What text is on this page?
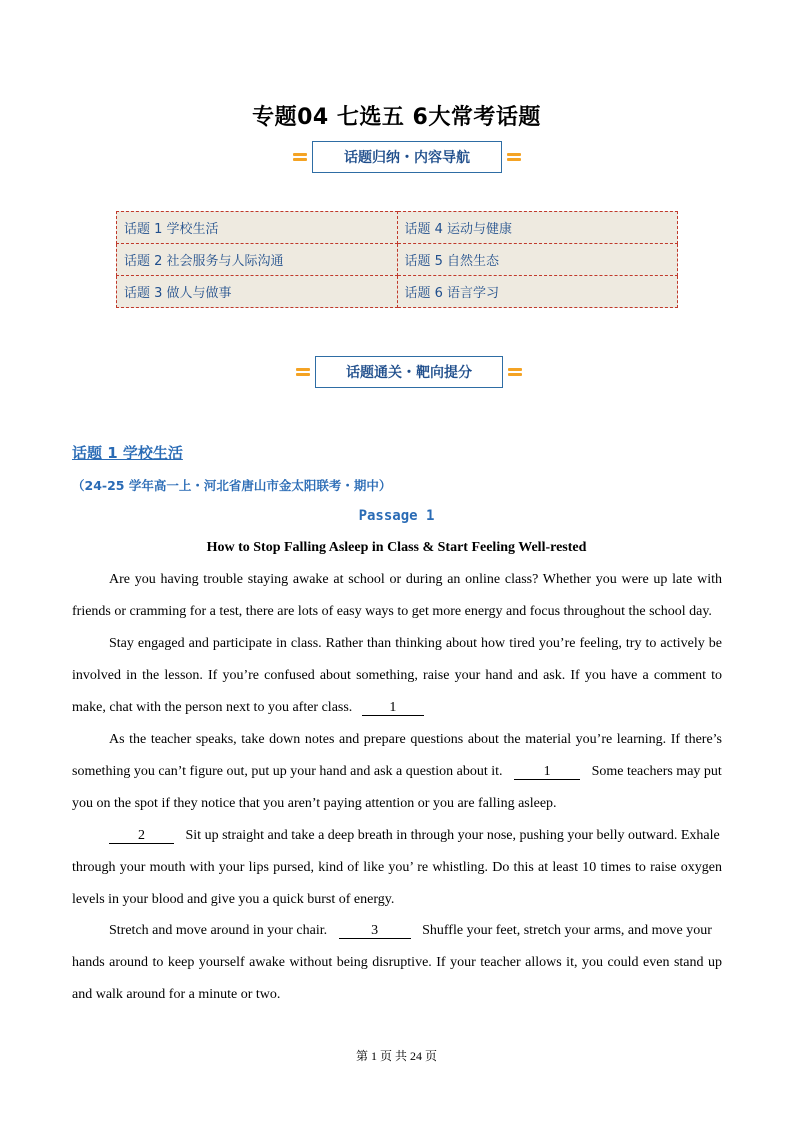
专题04 七选五 6大常考话题
话题归纳・内容导航
话题 1 学校生活	话题 4 运动与健康
话题 2 社会服务与人际沟通	话题 5 自然生态
话题 3 做人与做事	话题 6 语言学习
话题通关・靶向提分
话题 1 学校生活
（24-25 学年高一上・河北省唐山市金太阳联考・期中）
Passage 1
How to Stop Falling Asleep in Class & Start Feeling Well-rested
Are you having trouble staying awake at school or during an online class? Whether you were up late with
friends or cramming for a test, there are lots of easy ways to get more energy and focus throughout the school day.
Stay engaged and participate in class. Rather than thinking about how tired you’re feeling, try to actively be
involved in the lesson. If you’re confused about something, raise your hand and ask. If you have a comment to
make, chat with the person next to you after class.	1
As the teacher speaks, take down notes and prepare questions about the material you’re learning. If there’s
something you can’t figure out, put up your hand and ask a question about it.	1	Some teachers may put
you on the spot if they notice that you aren’t paying attention or you are falling asleep.
2	Sit up straight and take a deep breath in through your nose, pushing your belly outward. Exhale
through your mouth with your lips pursed, kind of like you’ re whistling. Do this at least 10 times to raise oxygen
levels in your blood and give you a quick burst of energy.
Stretch and move around in your chair.	3	Shuffle your feet, stretch your arms, and move your
hands around to keep yourself awake without being disruptive. If your teacher allows it, you could even stand up
and walk around for a minute or two.
第 1 页 共 24 页
